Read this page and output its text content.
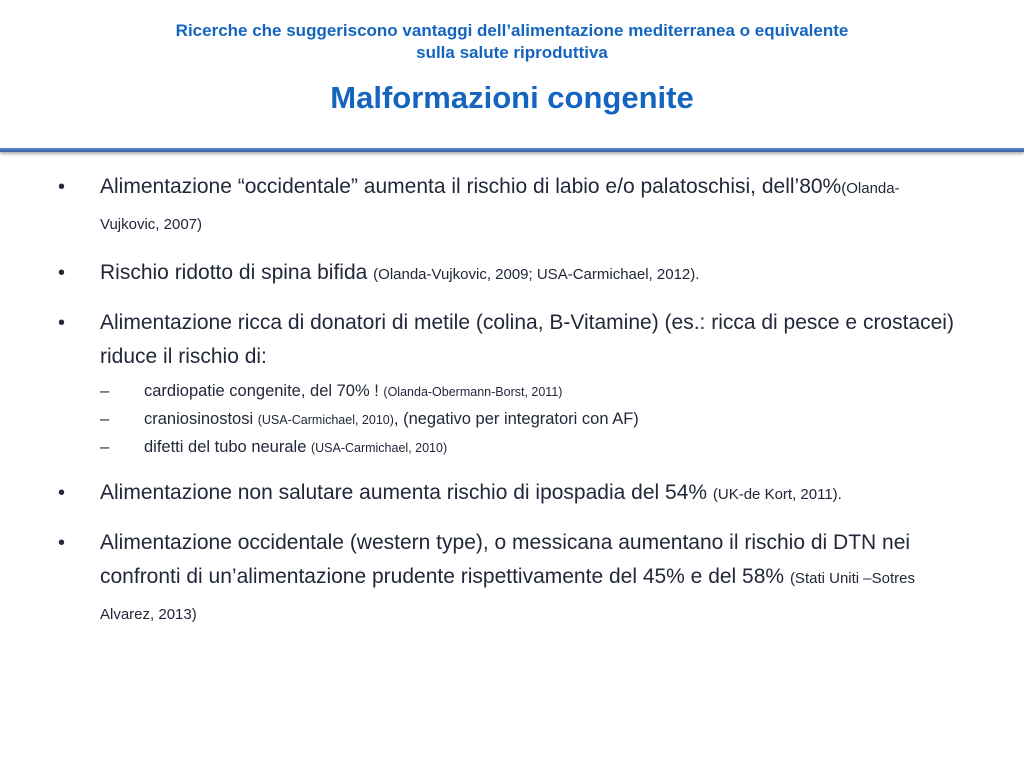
Ricerche che suggeriscono vantaggi dell’alimentazione mediterranea o equivalente
sulla salute riproduttiva
Malformazioni congenite
•	Alimentazione “occidentale” aumenta il rischio di labio e/o palatoschisi, dell’80%(Olanda-Vujkovic, 2007)
•	Rischio ridotto di spina bifida (Olanda-Vujkovic, 2009; USA-Carmichael, 2012).
•	Alimentazione ricca di donatori di metile (colina, B-Vitamine) (es.: ricca di pesce e crostacei) riduce il rischio di:
– cardiopatie congenite, del 70% ! (Olanda-Obermann-Borst, 2011)
– craniosinostosi (USA-Carmichael, 2010), (negativo per integratori con AF)
– difetti del tubo neurale (USA-Carmichael, 2010)
•	Alimentazione non salutare aumenta rischio di ipospadia del 54% (UK-de Kort, 2011).
•	Alimentazione occidentale (western type), o messicana aumentano il rischio di DTN nei confronti di un’alimentazione prudente rispettivamente del 45% e del 58% (Stati Uniti –Sotres Alvarez, 2013)
